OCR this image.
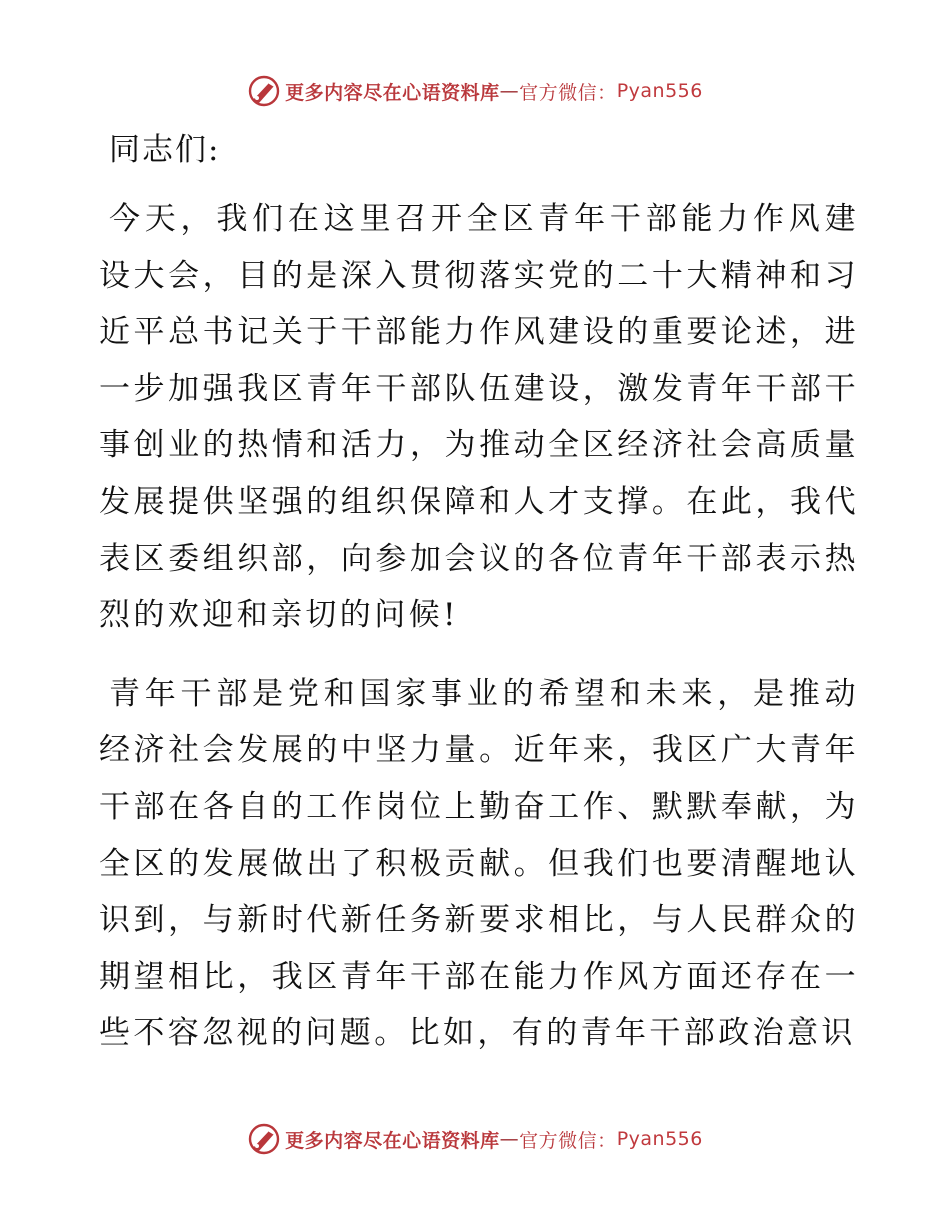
更多内容尽在心语资料库 — 官方微信： Pyan556
同志们:

今天，我们在这里召开全区青年干部能力作风建设大会，目的是深入贯彻落实党的二十大精神和习近平总书记关于干部能力作风建设的重要论述，进一步加强我区青年干部队伍建设，激发青年干部干事创业的热情和活力，为推动全区经济社会高质量发展提供坚强的组织保障和人才支撑。在此，我代表区委组织部，向参加会议的各位青年干部表示热烈的欢迎和亲切的问候!

青年干部是党和国家事业的希望和未来，是推动经济社会发展的中坚力量。近年来，我区广大青年干部在各自的工作岗位上勤奋工作、默默奉献，为全区的发展做出了积极贡献。但我们也要清醒地认识到，与新时代新任务新要求相比，与人民群众的期望相比，我区青年干部在能力作风方面还存在一些不容忽视的问题。比如，有的青年干部政治意识

更多内容尽在心语资料库 — 官方微信： Pyan556
